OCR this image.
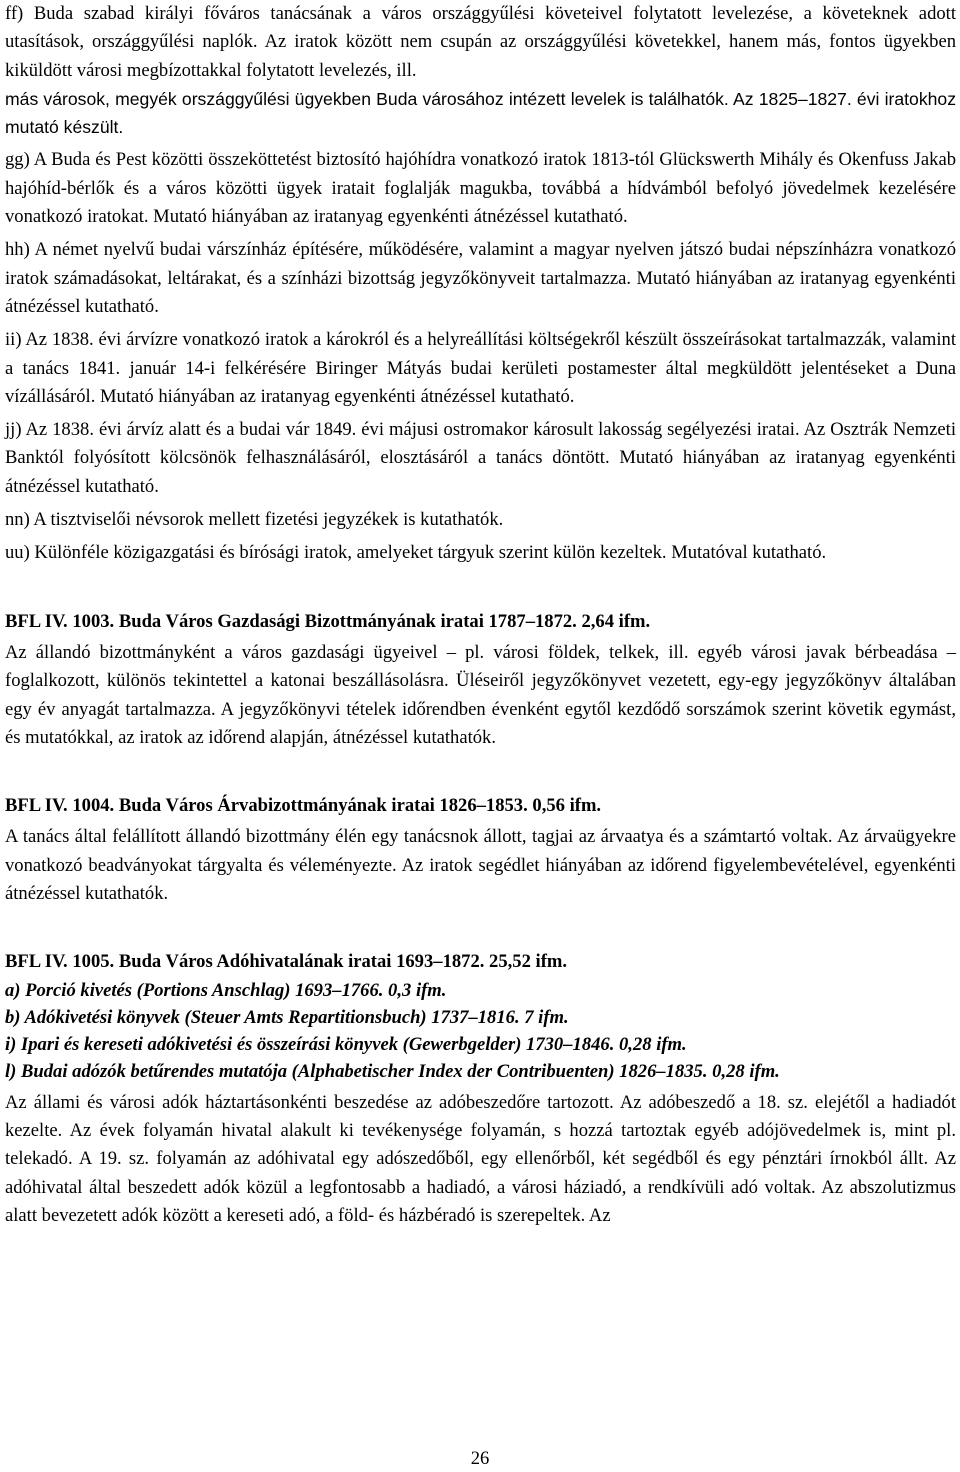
ff) Buda szabad királyi főváros tanácsának a város országgyűlési követeivel folytatott levelezése, a követeknek adott utasítások, országgyűlési naplók. Az iratok között nem csupán az országgyűlési követekkel, hanem más, fontos ügyekben kiküldött városi megbízottakkal folytatott levelezés, ill.

más városok, megyék országgyűlési ügyekben Buda városához intézett levelek is találhatók. Az 1825–1827. évi iratokhoz mutató készült.

gg) A Buda és Pest közötti összeköttetést biztosító hajóhídra vonatkozó iratok 1813-tól Glückswerth Mihály és Okenfuss Jakab hajóhíd-bérlők és a város közötti ügyek iratait foglalják magukba, továbbá a hídvámból befolyó jövedelmek kezelésére vonatkozó iratokat. Mutató hiányában az iratanyag egyenkénti átnézéssel kutatható.

hh) A német nyelvű budai várszínház építésére, működésére, valamint a magyar nyelven játszó budai népszínházra vonatkozó iratok számadásokat, leltárakat, és a színházi bizottság jegyzőkönyveit tartalmazza. Mutató hiányában az iratanyag egyenkénti átnézéssel kutatható.

ii) Az 1838. évi árvízre vonatkozó iratok a károkról és a helyreállítási költségekről készült összeírásokat tartalmazzák, valamint a tanács 1841. január 14-i felkérésére Biringer Mátyás budai kerületi postamester által megküldött jelentéseket a Duna vízállásáról. Mutató hiányában az iratanyag egyenkénti átnézéssel kutatható.

jj) Az 1838. évi árvíz alatt és a budai vár 1849. évi májusi ostromakor károsult lakosság segélyezési iratai. Az Osztrák Nemzeti Banktól folyósított kölcsönök felhasználásáról, elosztásáról a tanács döntött. Mutató hiányában az iratanyag egyenkénti átnézéssel kutatható.

nn) A tisztviselői névsorok mellett fizetési jegyzékek is kutathatók.

uu) Különféle közigazgatási és bírósági iratok, amelyeket tárgyuk szerint külön kezeltek. Mutatóval kutatható.

BFL IV. 1003. Buda Város Gazdasági Bizottmányának iratai 1787–1872. 2,64 ifm.

Az állandó bizottmányként a város gazdasági ügyeivel – pl. városi földek, telkek, ill. egyéb városi javak bérbeadása – foglalkozott, különös tekintettel a katonai beszállásolásra. Üléseiről jegyzőkönyvet vezetett, egy-egy jegyzőkönyv általában egy év anyagát tartalmazza. A jegyzőkönyvi tételek időrendben évenként egytől kezdődő sorszámok szerint követik egymást, és mutatókkal, az iratok az időrend alapján, átnézéssel kutathatók.

BFL IV. 1004. Buda Város Árvabizottmányának iratai 1826–1853. 0,56 ifm.

A tanács által felállított állandó bizottmány élén egy tanácsnok állott, tagjai az árvaatya és a számtartó voltak. Az árvaügyekre vonatkozó beadványokat tárgyalta és véleményezte. Az iratok segédlet hiányában az időrend figyelembevételével, egyenkénti átnézéssel kutathatók.

BFL IV. 1005. Buda Város Adóhivatalának iratai 1693–1872. 25,52 ifm.

a) Porció kivetés (Portions Anschlag) 1693–1766. 0,3 ifm.

b) Adókivetési könyvek (Steuer Amts Repartitionsbuch) 1737–1816. 7 ifm.

i) Ipari és kereseti adókivetési és összeírási könyvek (Gewerbgelder) 1730–1846. 0,28 ifm.

l) Budai adózók betűrendes mutatója (Alphabetischer Index der Contribuenten) 1826–1835. 0,28 ifm.

Az állami és városi adók háztartásonkénti beszedése az adóbeszedőre tartozott. Az adóbeszedő a 18. sz. elejétől a hadiadót kezelte. Az évek folyamán hivatal alakult ki tevékenysége folyamán, s hozzá tartoztak egyéb adójövedelmek is, mint pl. telekadó. A 19. sz. folyamán az adóhivatal egy adószedőből, egy ellenőrből, két segédből és egy pénztári írnokból állt. Az adóhivatal által beszedett adók közül a legfontosabb a hadiadó, a városi háziadó, a rendkívüli adó voltak. Az abszolutizmus alatt bevezetett adók között a kereseti adó, a föld- és házbéradó is szerepeltek. Az

26
